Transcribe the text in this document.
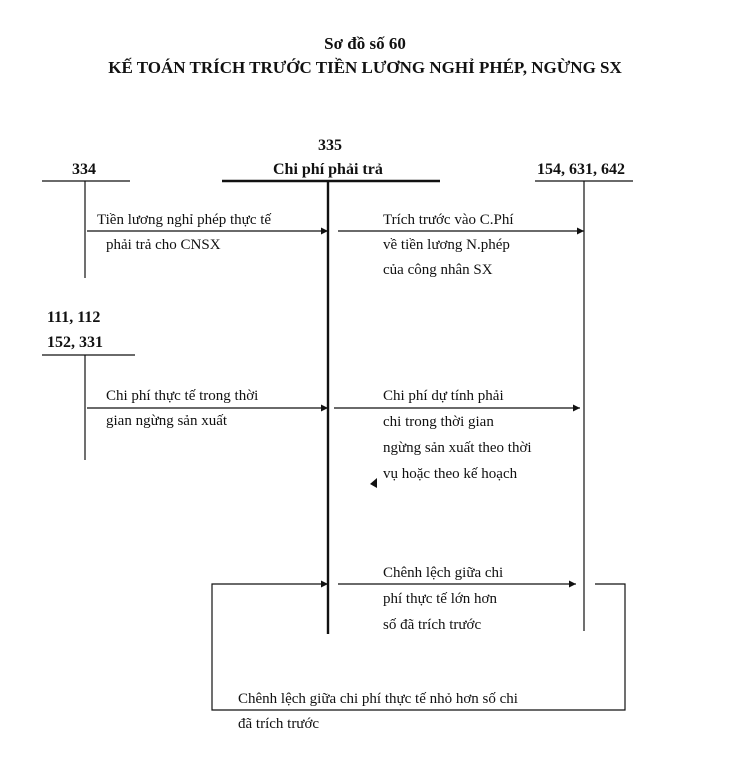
Sơ đồ số 60
KẾ TOÁN TRÍCH TRƯỚC TIỀN LƯƠNG NGHỈ PHÉP, NGỪNG SX
334
335
Chi phí phải trả	154, 631, 642
111, 112
152, 331
Tiền lương nghỉ phép thực tế
phải trả cho CNSX
Trích trước vào C.Phí
về tiền lương N.phép
của công nhân SX
Chi phí thực tế trong thời
gian ngừng sản xuất
Chi phí dự tính phải
chi trong thời gian
ngừng sản xuất theo thời
vụ hoặc theo kế hoạch
Chênh lệch giữa chi
phí thực tế lớn hơn
số đã trích trước
Chênh lệch giữa chi phí thực tế nhỏ hơn số chi
đã trích trước
